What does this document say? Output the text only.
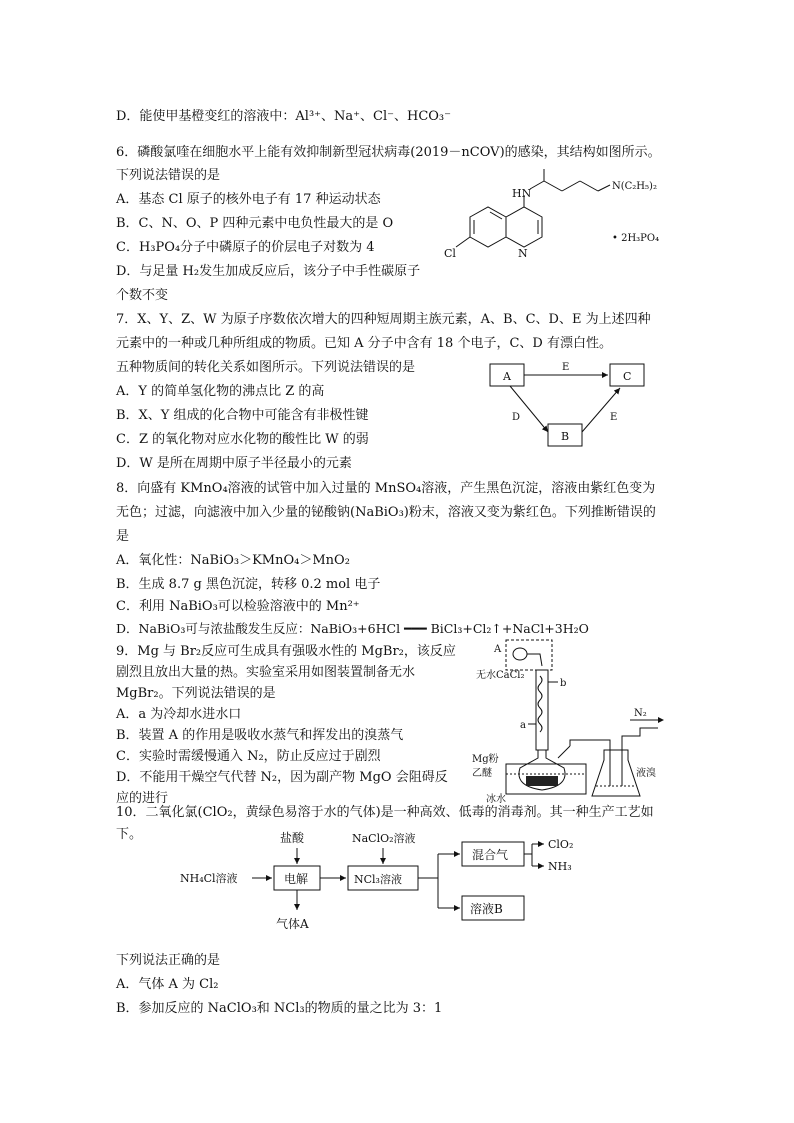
D．能使甲基橙变红的溶液中：Al³⁺、Na⁺、Cl⁻、HCO₃⁻
6．磷酸氯喹在细胞水平上能有效抑制新型冠状病毒(2019－nCOV)的感染，其结构如图所示。
下列说法错误的是
A．基态 Cl 原子的核外电子有 17 种运动状态
B．C、N、O、P 四种元素中电负性最大的是 O
C．H₃PO₄分子中磷原子的价层电子对数为 4
D．与足量 H₂发生加成反应后，该分子中手性碳原子
个数不变
HN
N(C₂H₅)₂
Cl	N
• 2H₃PO₄
7．X、Y、Z、W 为原子序数依次增大的四种短周期主族元素，A、B、C、D、E 为上述四种
元素中的一种或几种所组成的物质。已知 A 分子中含有 18 个电子，C、D 有漂白性。
五种物质间的转化关系如图所示。下列说法错误的是
A．Y 的简单氢化物的沸点比 Z 的高
B．X、Y 组成的化合物中可能含有非极性键
C．Z 的氧化物对应水化物的酸性比 W 的弱
D．W 是所在周期中原子半径最小的元素
A	C
B
E
D	E
8．向盛有 KMnO₄溶液的试管中加入过量的 MnSO₄溶液，产生黑色沉淀，溶液由紫红色变为
无色；过滤，向滤液中加入少量的铋酸钠(NaBiO₃)粉末，溶液又变为紫红色。下列推断错误的
是
A．氧化性：NaBiO₃＞KMnO₄＞MnO₂
B．生成 8.7 g 黑色沉淀，转移 0.2 mol 电子
C．利用 NaBiO₃可以检验溶液中的 Mn²⁺
D．NaBiO₃可与浓盐酸发生反应：NaBiO₃+6HCl ━━━ BiCl₃+Cl₂↑+NaCl+3H₂O
9．Mg 与 Br₂反应可生成具有强吸水性的 MgBr₂，该反应
剧烈且放出大量的热。实验室采用如图装置制备无水
MgBr₂。下列说法错误的是
A．a 为冷却水进水口
B．装置 A 的作用是吸收水蒸气和挥发出的溴蒸气
C．实验时需缓慢通入 N₂，防止反应过于剧烈
D．不能用干燥空气代替 N₂，因为副产物 MgO 会阻碍反
应的进行
A
无水CaCl₂
b
a
Mg粉
乙醚
冰水
N₂
液溴
10．二氧化氯(ClO₂，黄绿色易溶于水的气体)是一种高效、低毒的消毒剂。其一种生产工艺如
下。	盐酸	NaClO₂溶液
NH₄Cl溶液	电解	NCl₃溶液
气体A
混合气
ClO₂
NH₃
溶液B
下列说法正确的是
A．气体 A 为 Cl₂
B．参加反应的 NaClO₃和 NCl₃的物质的量之比为 3：1
